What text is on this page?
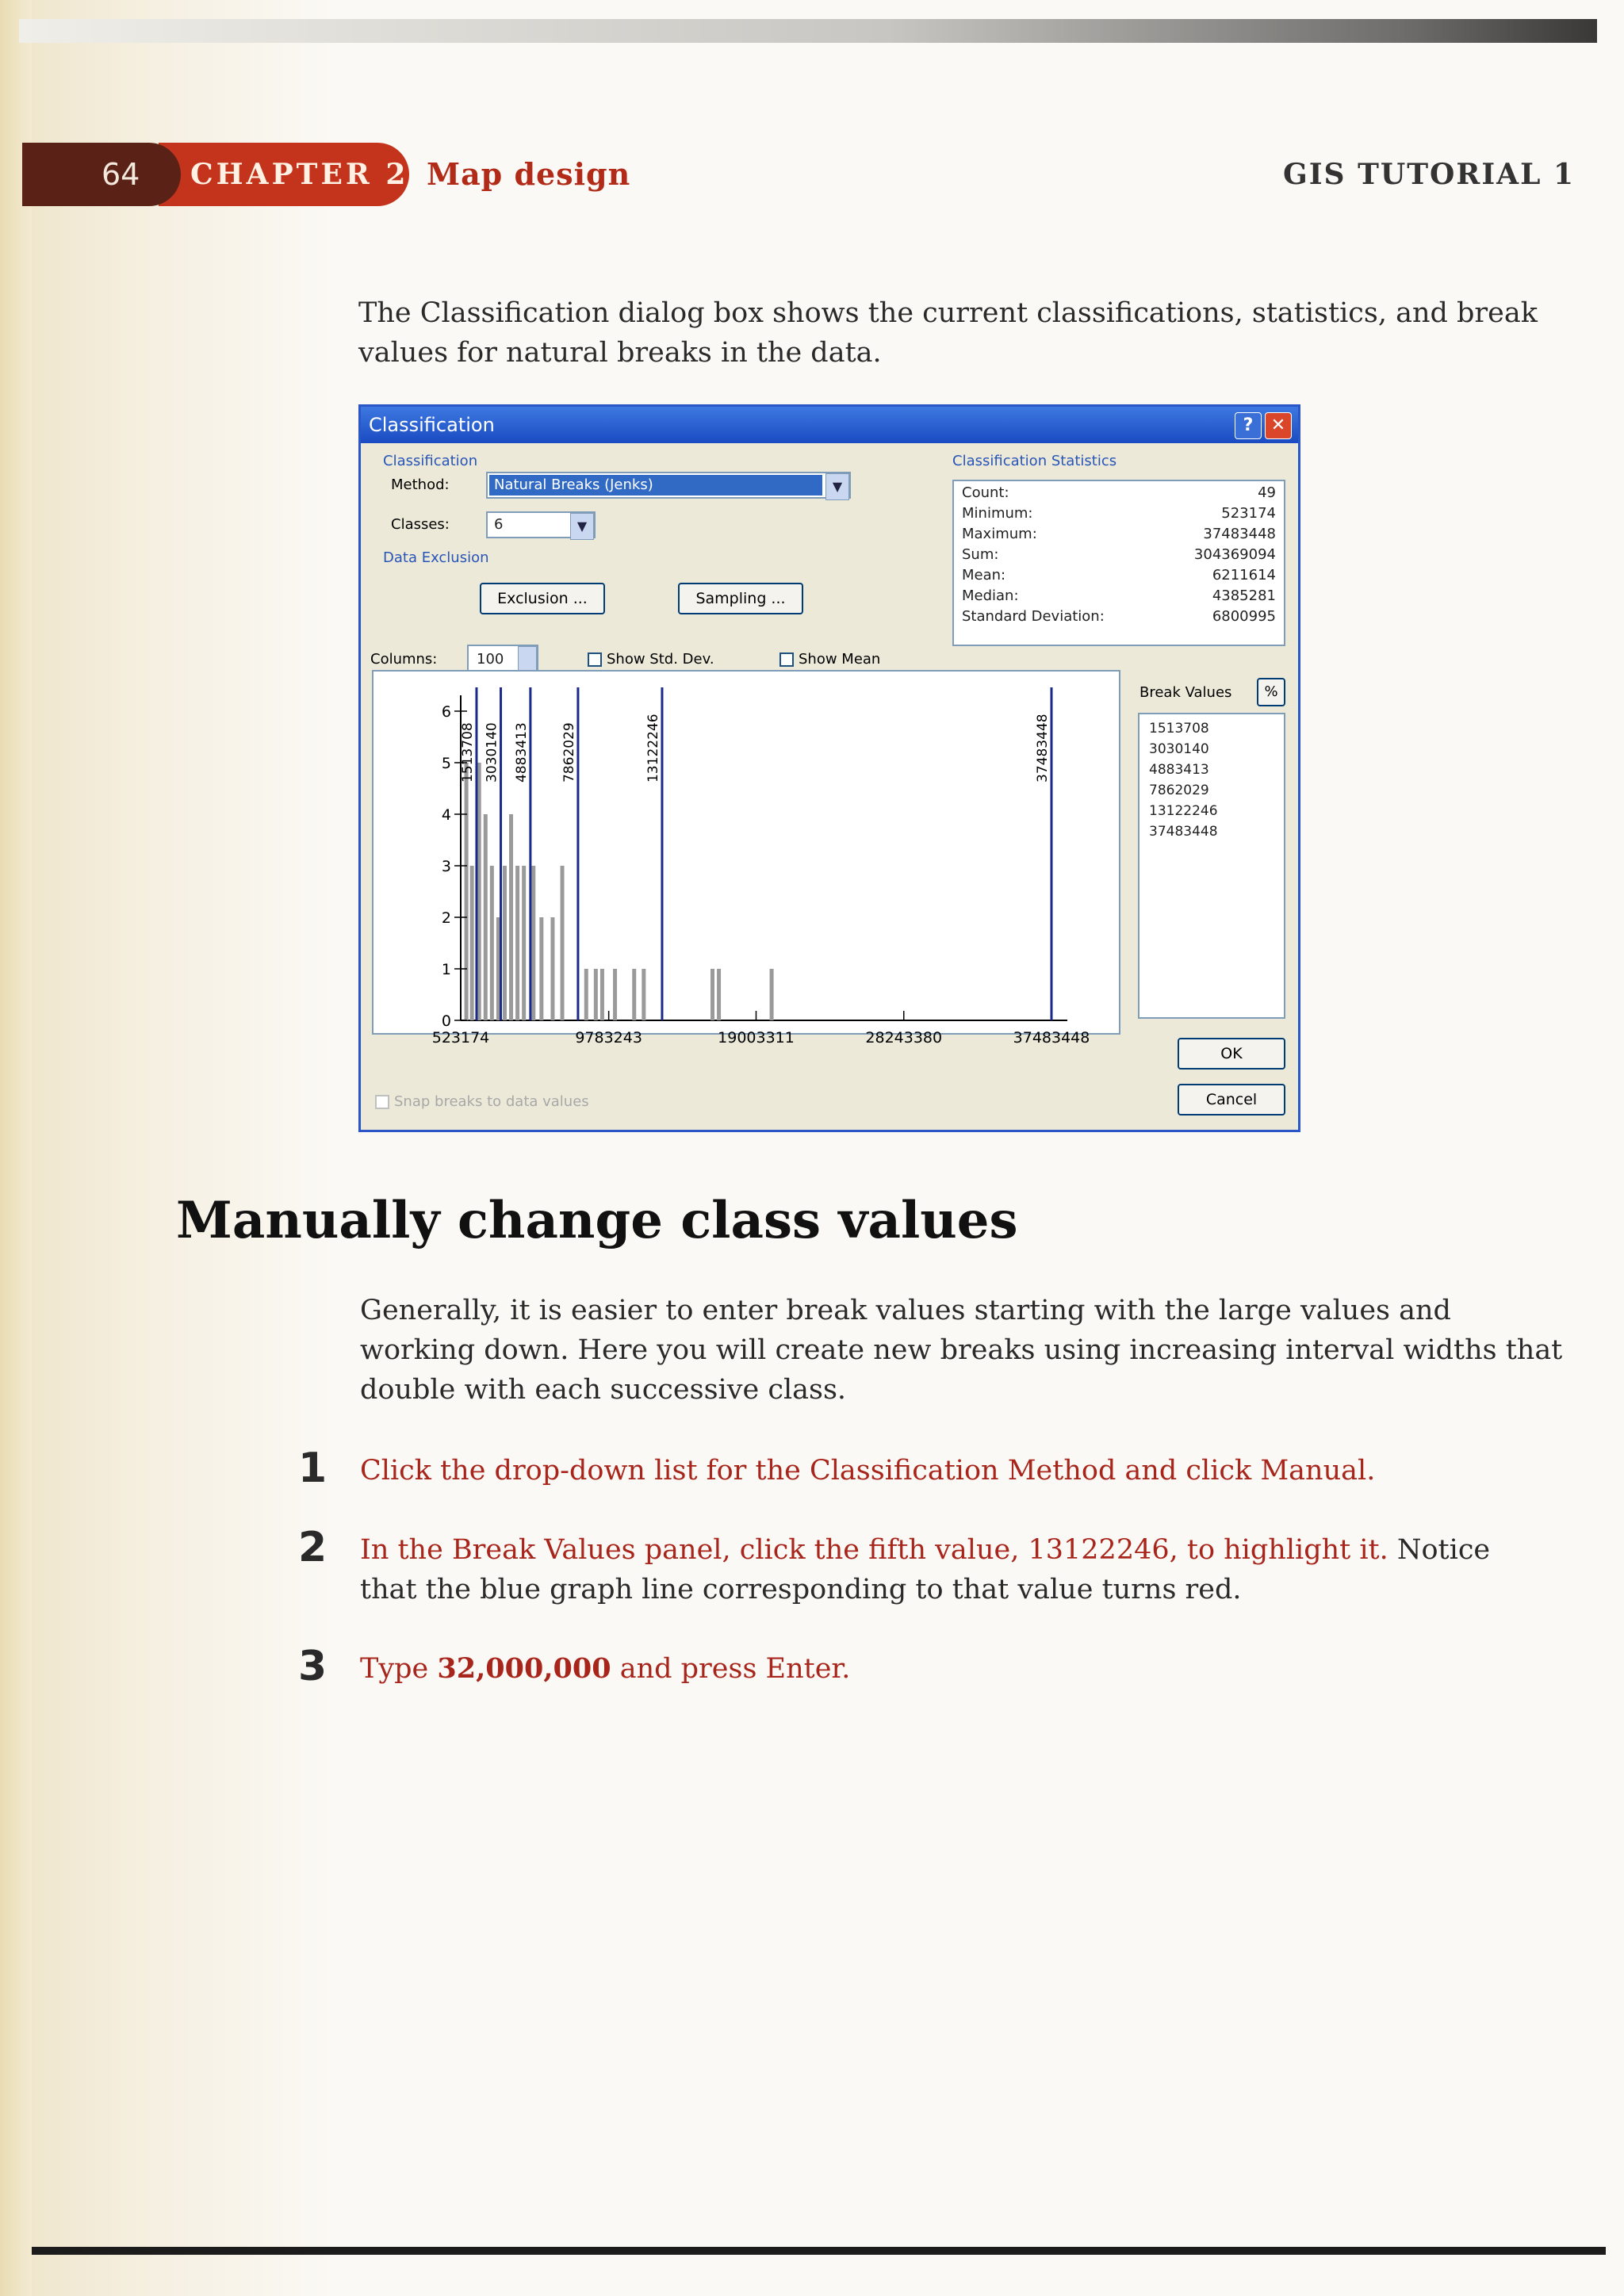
CHAPTER 2
64	Map design	GIS TUTORIAL 1
The Classification dialog box shows the current classifications, statistics, and break values for natural breaks in the data.
Classification	?	✕
Classification
Method:	Natural Breaks (Jenks)	▼
Classes:	6	▼
Data Exclusion
Exclusion ...	Sampling ...
Classification Statistics
Count:	49
Minimum:	523174
Maximum:	37483448
Sum:	304369094
Mean:	6211614
Median:	4385281
Standard Deviation:	6800995
Columns:	100	Show Std. Dev.	Show Mean
0
1
2
3
4
5
6
523174	9783243	19003311	28243380	37483448
1513708 3030140 4883413 7862029	13122246	37483448
Break Values	%
1513708
3030140
4883413
7862029
13122246
37483448
OK
Cancel
Snap breaks to data values
Manually change class values
Generally, it is easier to enter break values starting with the large values and working down. Here you will create new breaks using increasing interval widths that double with each successive class.
1 Click the drop-down list for the Classification Method and click Manual.
2 In the Break Values panel, click the fifth value, 13122246, to highlight it. Notice that the blue graph line corresponding to that value turns red.
3 Type 32,000,000 and press Enter.
